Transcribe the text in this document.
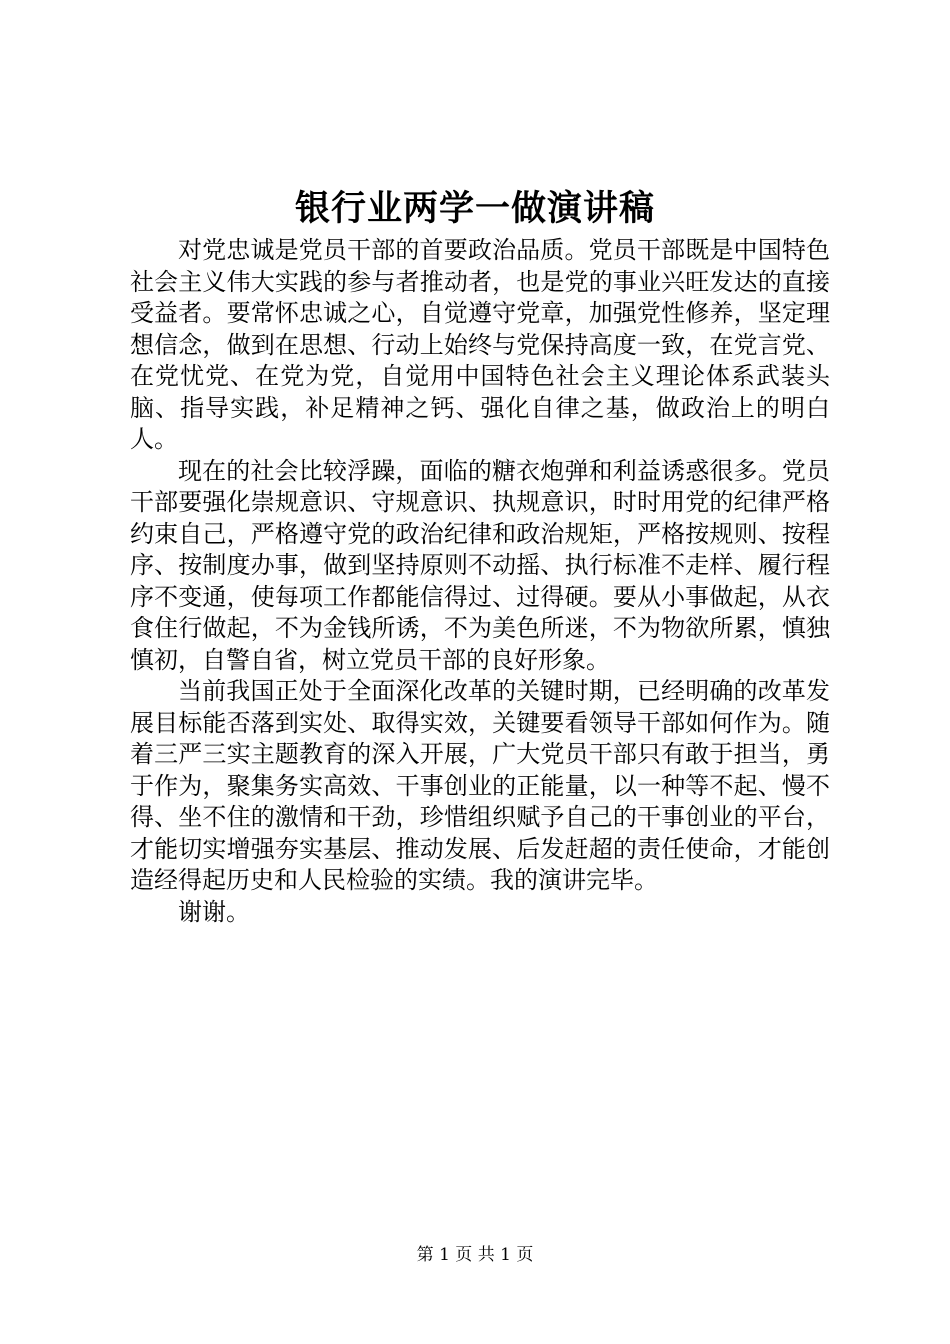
银行业两学一做演讲稿

对党忠诚是党员干部的首要政治品质。党员干部既是中国特色社会主义伟大实践的参与者推动者，也是党的事业兴旺发达的直接受益者。要常怀忠诚之心，自觉遵守党章，加强党性修养，坚定理想信念，做到在思想、行动上始终与党保持高度一致，在党言党、在党忧党、在党为党，自觉用中国特色社会主义理论体系武装头脑、指导实践，补足精神之钙、强化自律之基，做政治上的明白人。

现在的社会比较浮躁，面临的糖衣炮弹和利益诱惑很多。党员干部要强化崇规意识、守规意识、执规意识，时时用党的纪律严格约束自己，严格遵守党的政治纪律和政治规矩，严格按规则、按程序、按制度办事，做到坚持原则不动摇、执行标准不走样、履行程序不变通，使每项工作都能信得过、过得硬。要从小事做起，从衣食住行做起，不为金钱所诱，不为美色所迷，不为物欲所累，慎独慎初，自警自省，树立党员干部的良好形象。

当前我国正处于全面深化改革的关键时期，已经明确的改革发展目标能否落到实处、取得实效，关键要看领导干部如何作为。随着三严三实主题教育的深入开展，广大党员干部只有敢于担当，勇于作为，聚集务实高效、干事创业的正能量，以一种等不起、慢不得、坐不住的激情和干劲，珍惜组织赋予自己的干事创业的平台，才能切实增强夯实基层、推动发展、后发赶超的责任使命，才能创造经得起历史和人民检验的实绩。我的演讲完毕。

谢谢。

第 1 页 共 1 页
